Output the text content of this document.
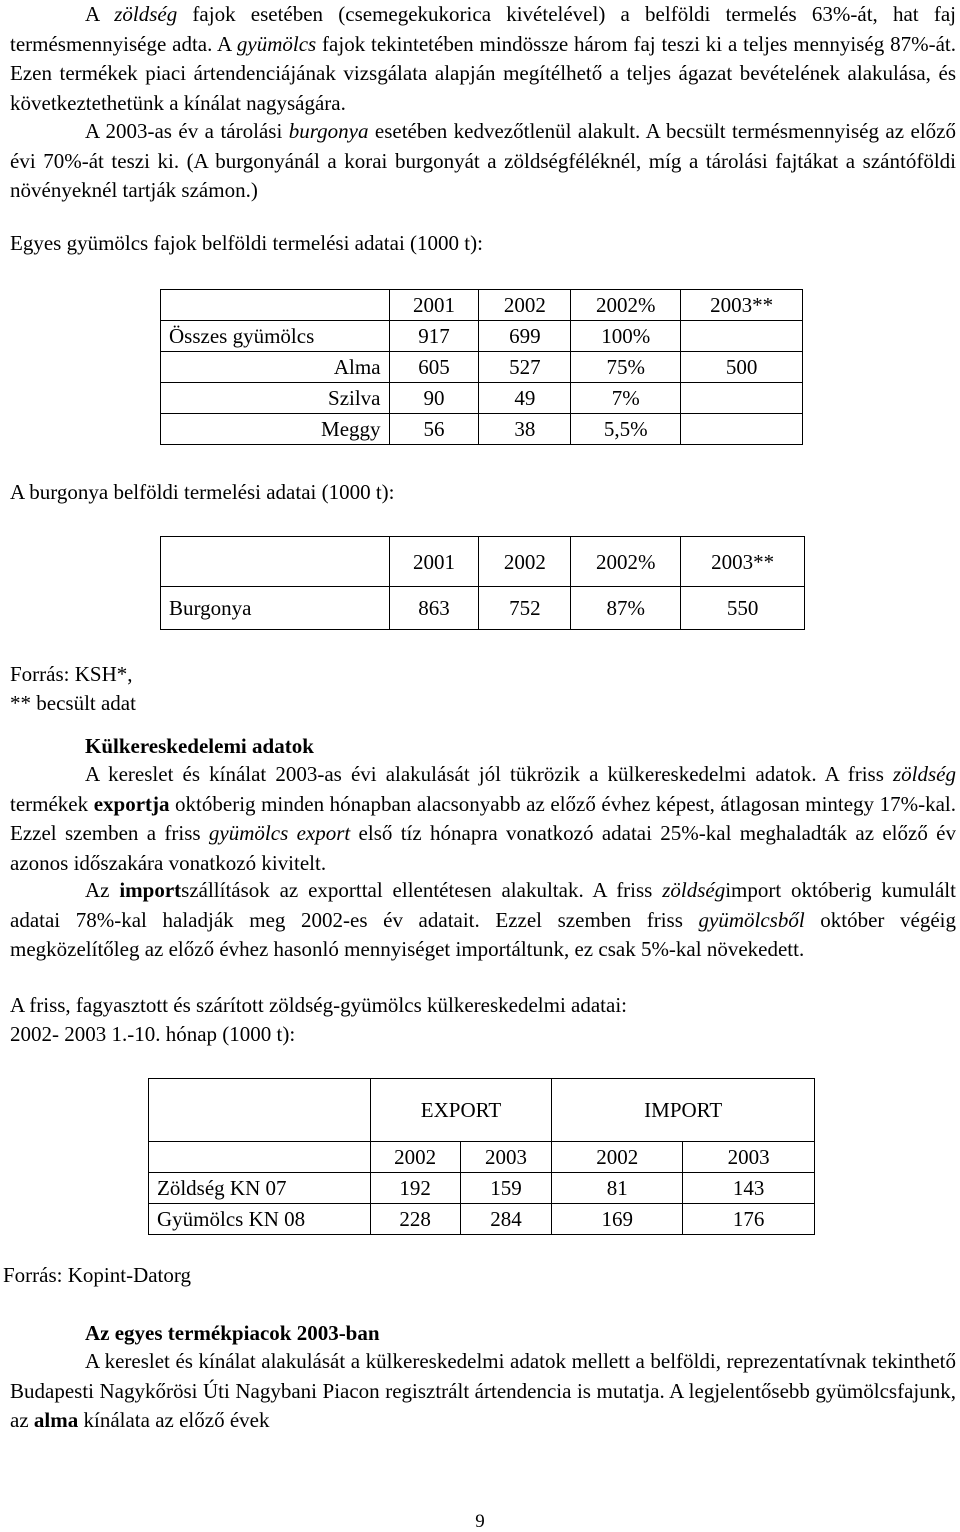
A zöldség fajok esetében (csemegekukorica kivételével) a belföldi termelés 63%-át, hat faj termésmennyisége adta. A gyümölcs fajok tekintetében mindössze három faj teszi ki a teljes mennyiség 87%-át. Ezen termékek piaci ártendenciájának vizsgálata alapján megítélhető a teljes ágazat bevételének alakulása, és következtethetünk a kínálat nagyságára.

A 2003-as év a tárolási burgonya esetében kedvezőtlenül alakult. A becsült termésmennyiség az előző évi 70%-át teszi ki. (A burgonyánál a korai burgonyát a zöldségféléknél, míg a tárolási fajtákat a szántóföldi növényeknél tartják számon.)

Egyes gyümölcs fajok belföldi termelési adatai (1000 t):

	2001	2002	2002%	2003**
Összes gyümölcs	917	699	100%	
Alma	605	527	75%	500
Szilva	90	49	7%	
Meggy	56	38	5,5%	

A burgonya belföldi termelési adatai (1000 t):

	2001	2002	2002%	2003**
Burgonya	863	752	87%	550

Forrás: KSH*,

** becsült adat

Külkereskedelemi adatok

A kereslet és kínálat 2003-as évi alakulását jól tükrözik a külkereskedelmi adatok. A friss zöldség termékek exportja októberig minden hónapban alacsonyabb az előző évhez képest, átlagosan mintegy 17%-kal. Ezzel szemben a friss gyümölcs export első tíz hónapra vonatkozó adatai 25%-kal meghaladták az előző év azonos időszakára vonatkozó kivitelt.

Az importszállítások az exporttal ellentétesen alakultak. A friss zöldségimport októberig kumulált adatai 78%-kal haladják meg 2002-es év adatait. Ezzel szemben friss gyümölcsből október végéig megközelítőleg az előző évhez hasonló mennyiséget importáltunk, ez csak 5%-kal növekedett.

A friss, fagyasztott és szárított zöldség-gyümölcs külkereskedelmi adatai:

2002- 2003 1.-10. hónap (1000 t):

	EXPORT		IMPORT	
	2002	2003	2002	2003
Zöldség KN 07	192	159	81	143
Gyümölcs KN 08	228	284	169	176

Forrás: Kopint-Datorg

Az egyes termékpiacok 2003-ban

A kereslet és kínálat alakulását a külkereskedelmi adatok mellett a belföldi, reprezentatívnak tekinthető Budapesti Nagykőrösi Úti Nagybani Piacon regisztrált ártendencia is mutatja. A legjelentősebb gyümölcsfajunk, az alma kínálata az előző évek

9
